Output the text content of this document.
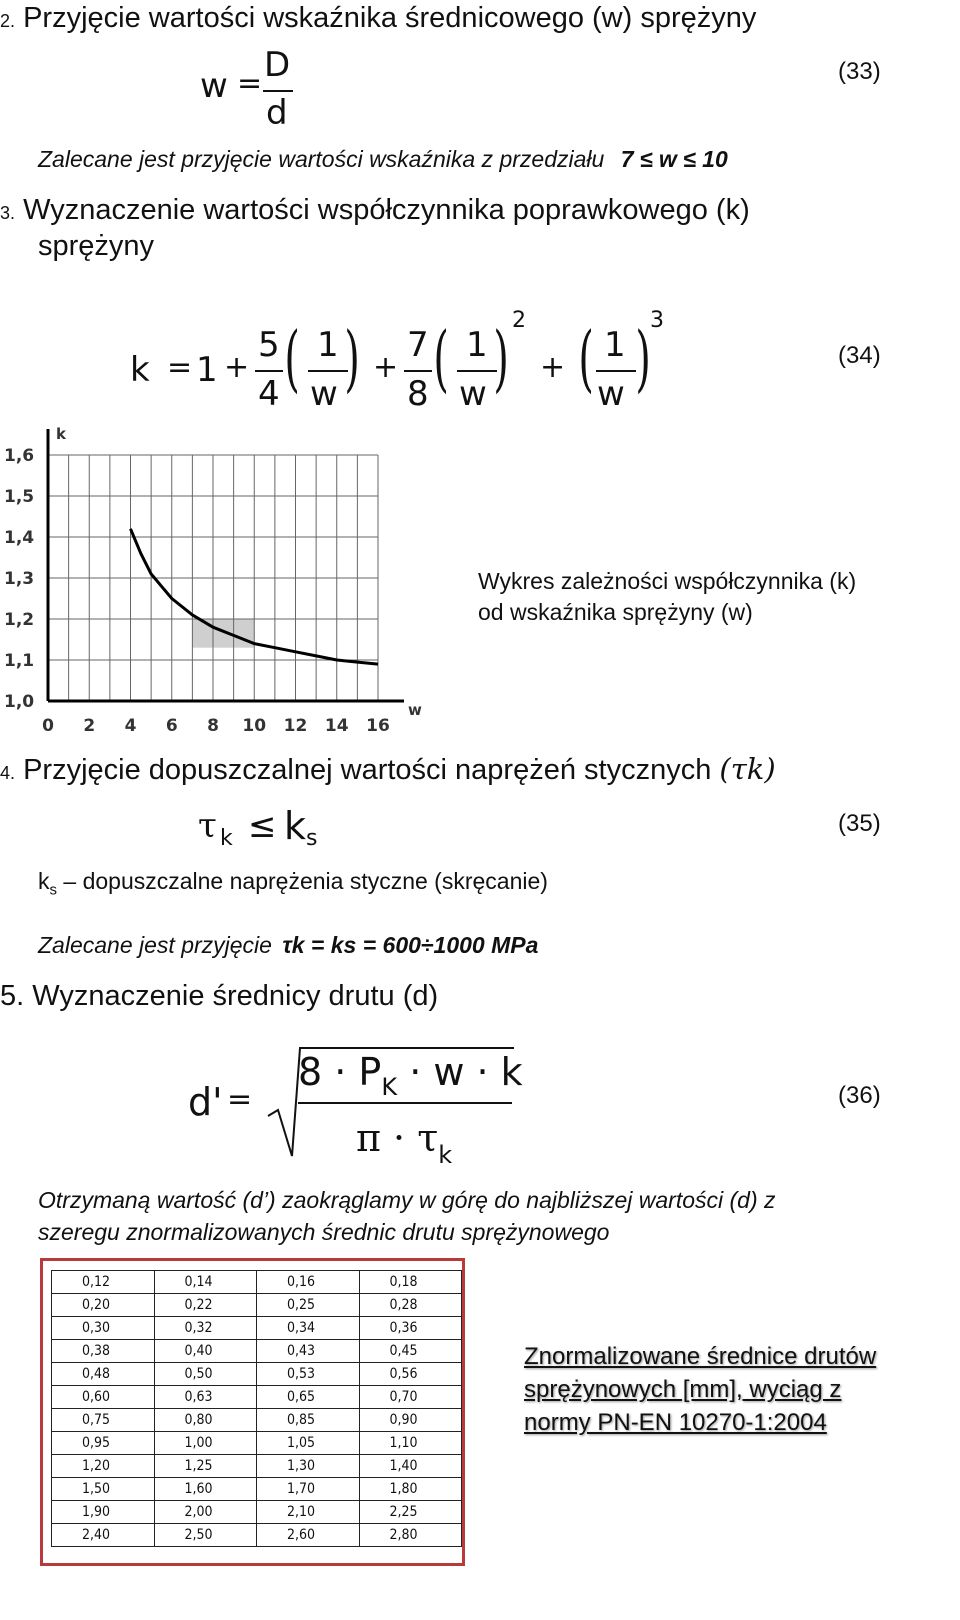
2. Przyjęcie wartości wskaźnika średnicowego (w) sprężyny
w = D
d
(33)
Zalecane jest przyjęcie wartości wskaźnika z przedziału 7 ≤ w ≤ 10
3. Wyznaczenie wartości współczynnika poprawkowego (k)
sprężyny
k = 1 +
5
4 ( 1
w ) +
7
8 ( 1
w ) 2
+ ( 1
w ) 3
(34)
0 2 4 6 8 10 12 14 16
1,0
1,1
1,2
1,3
1,4
1,5
1,6
w
k
Wykres zależności współczynnika (k)
od wskaźnika sprężyny (w)
4. Przyjęcie dopuszczalnej wartości naprężeń stycznych (τk)
τ k ≤ k s
(35)
$k_s$ – dopuszczalne naprężenia styczne (skręcanie)
Zalecane jest przyjęcie τk = ks = 600÷1000 MPa
5. Wyznaczenie średnicy drutu (d)
d' =
$8 \cdot P_K \cdot w \cdot k$
$\pi \cdot \tau_k$
(36)
Otrzymaną wartość (d’) zaokrąglamy w górę do najbliższej wartości (d) z
szeregu znormalizowanych średnic drutu sprężynowego
0,12	0,14	0,16	0,18
0,20	0,22	0,25	0,28
0,30	0,32	0,34	0,36
0,38	0,40	0,43	0,45
0,48	0,50	0,53	0,56
0,60	0,63	0,65	0,70
0,75	0,80	0,85	0,90
0,95	1,00	1,05	1,10
1,20	1,25	1,30	1,40
1,50	1,60	1,70	1,80
1,90	2,00	2,10	2,25
2,40	2,50	2,60	2,80
Znormalizowane średnice drutów
sprężynowych [mm], wyciąg z
normy PN-EN 10270-1:2004
